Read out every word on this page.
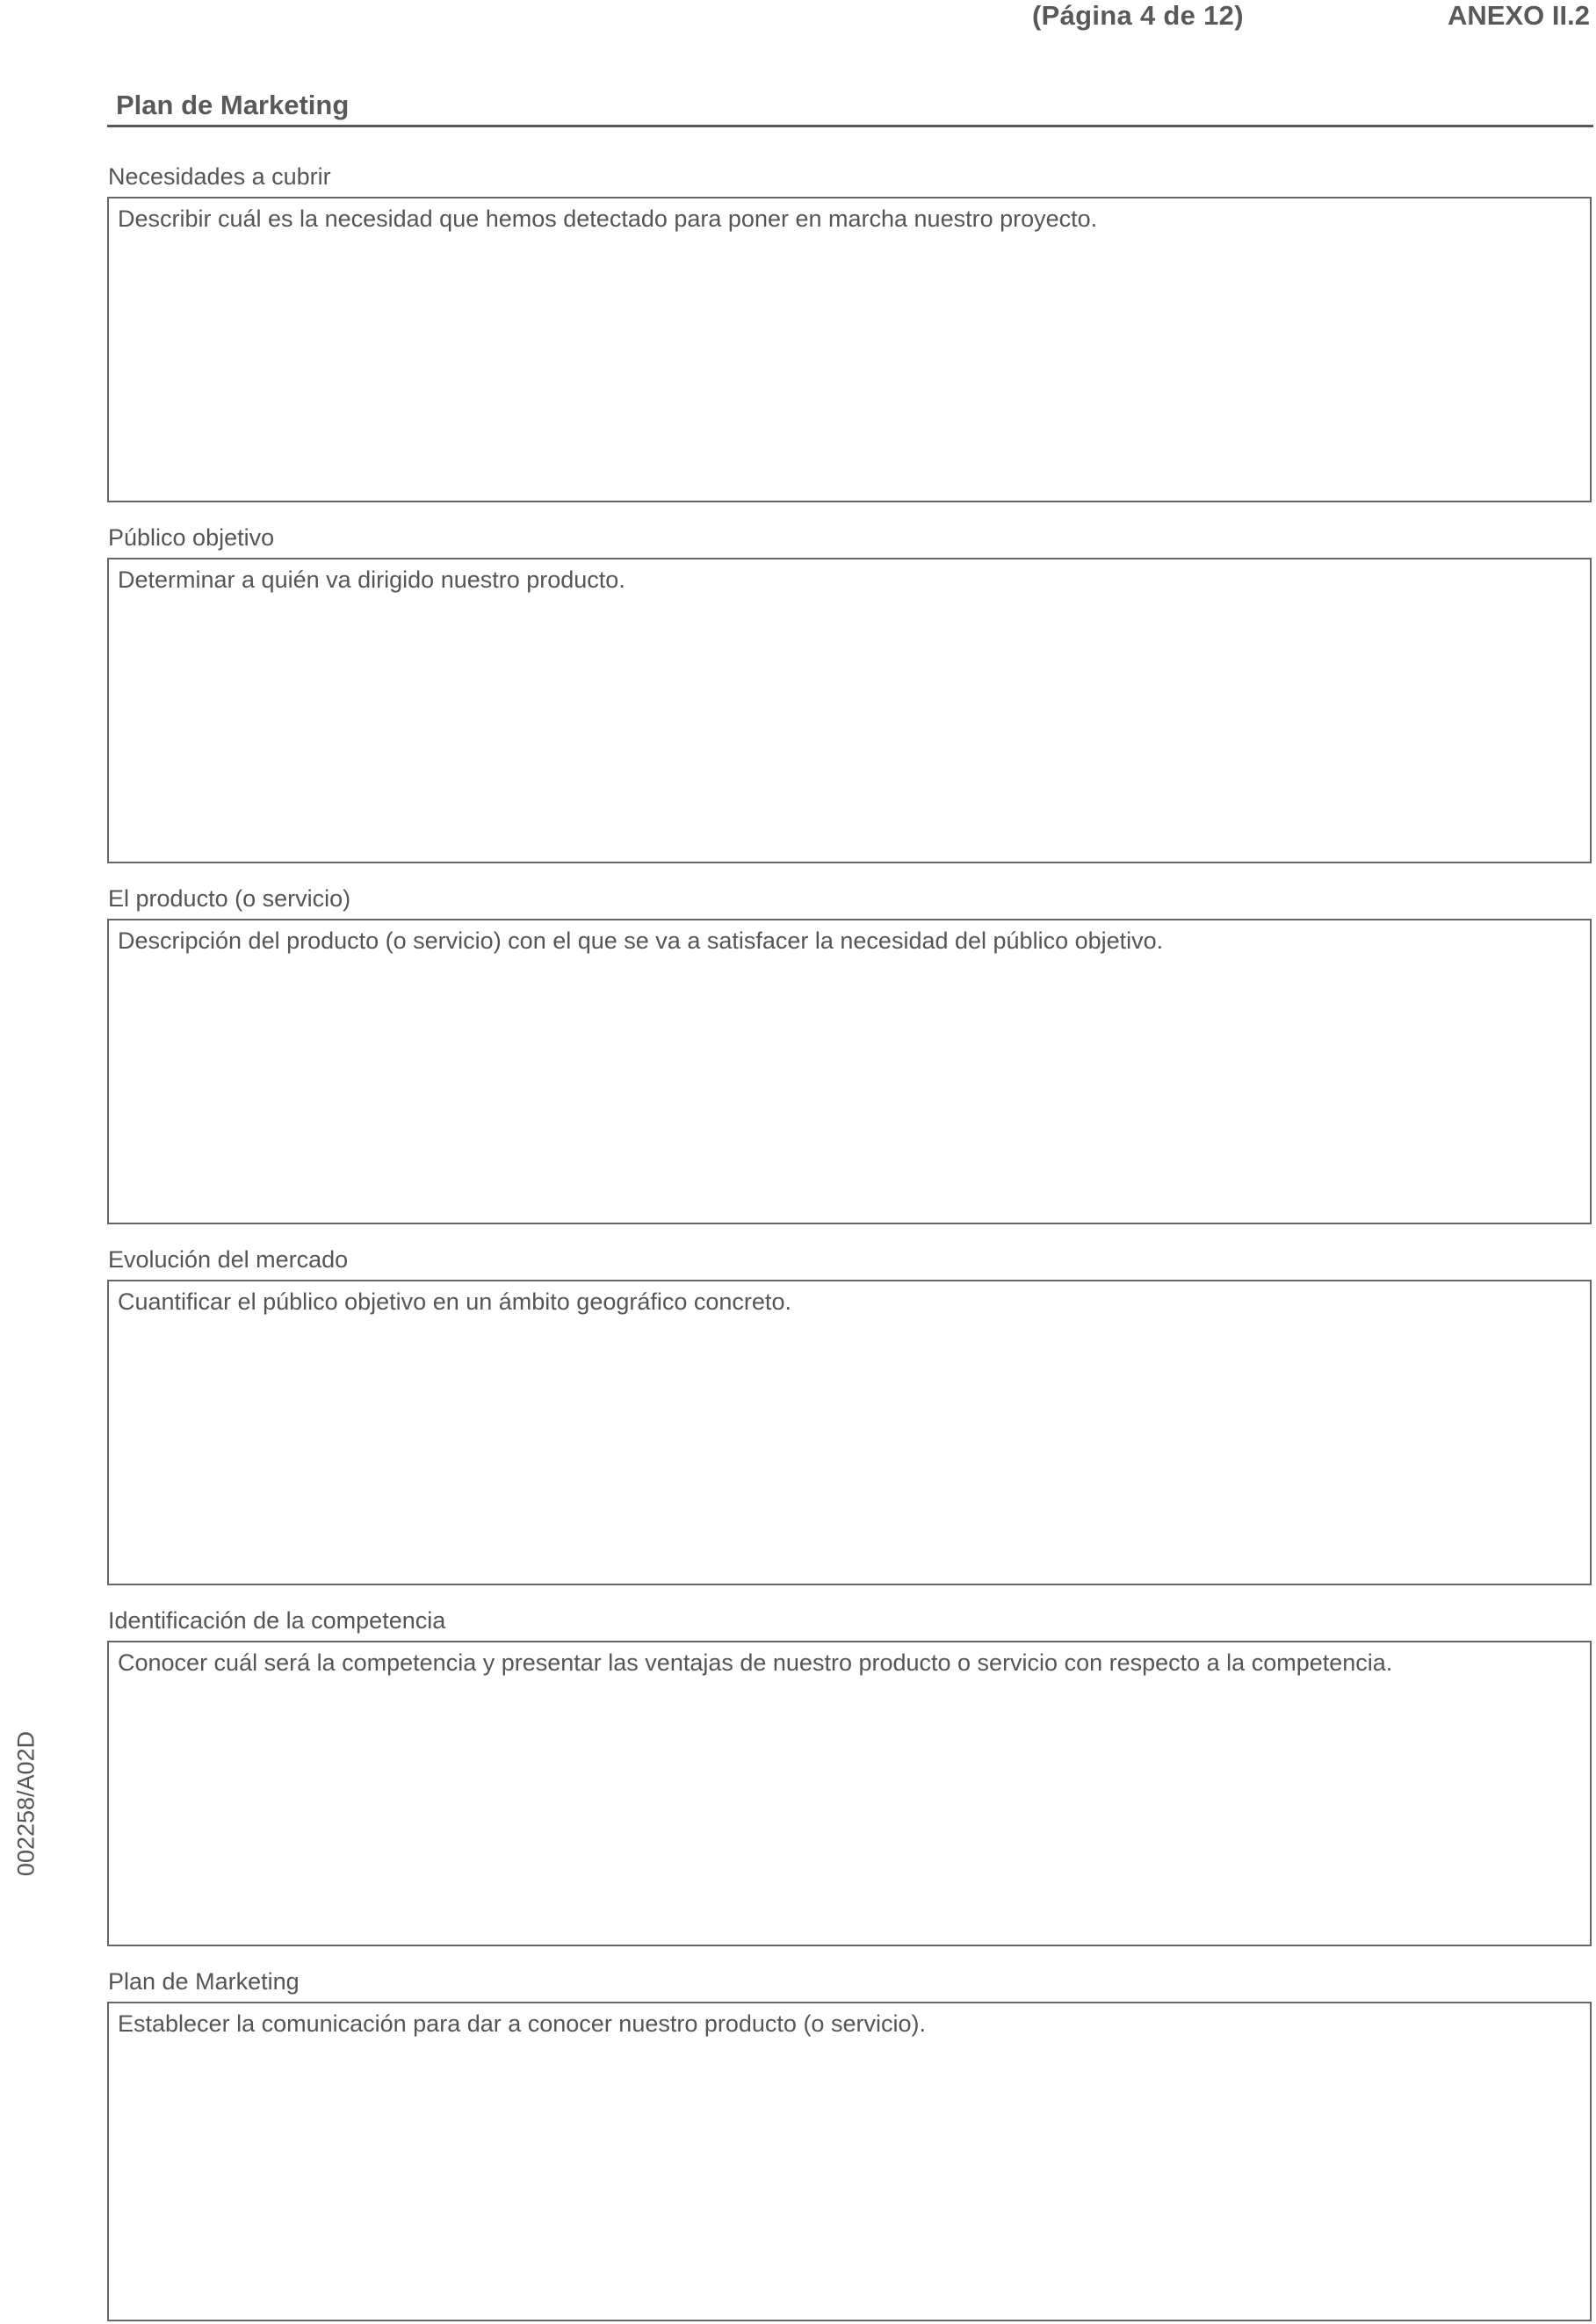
(Página 4 de 12)	ANEXO II.2
002258/A02D
Plan de Marketing
Necesidades a cubrir
Describir cuál es la necesidad que hemos detectado para poner en marcha nuestro proyecto.
Público objetivo
Determinar a quién va dirigido nuestro producto.
El producto (o servicio)
Descripción del producto (o servicio) con el que se va a satisfacer la necesidad del público objetivo.
Evolución del mercado
Cuantificar el público objetivo en un ámbito geográfico concreto.
Identificación de la competencia
Conocer cuál será la competencia y presentar las ventajas de nuestro producto o servicio con respecto a la competencia.
Plan de Marketing
Establecer la comunicación para dar a conocer nuestro producto (o servicio).
